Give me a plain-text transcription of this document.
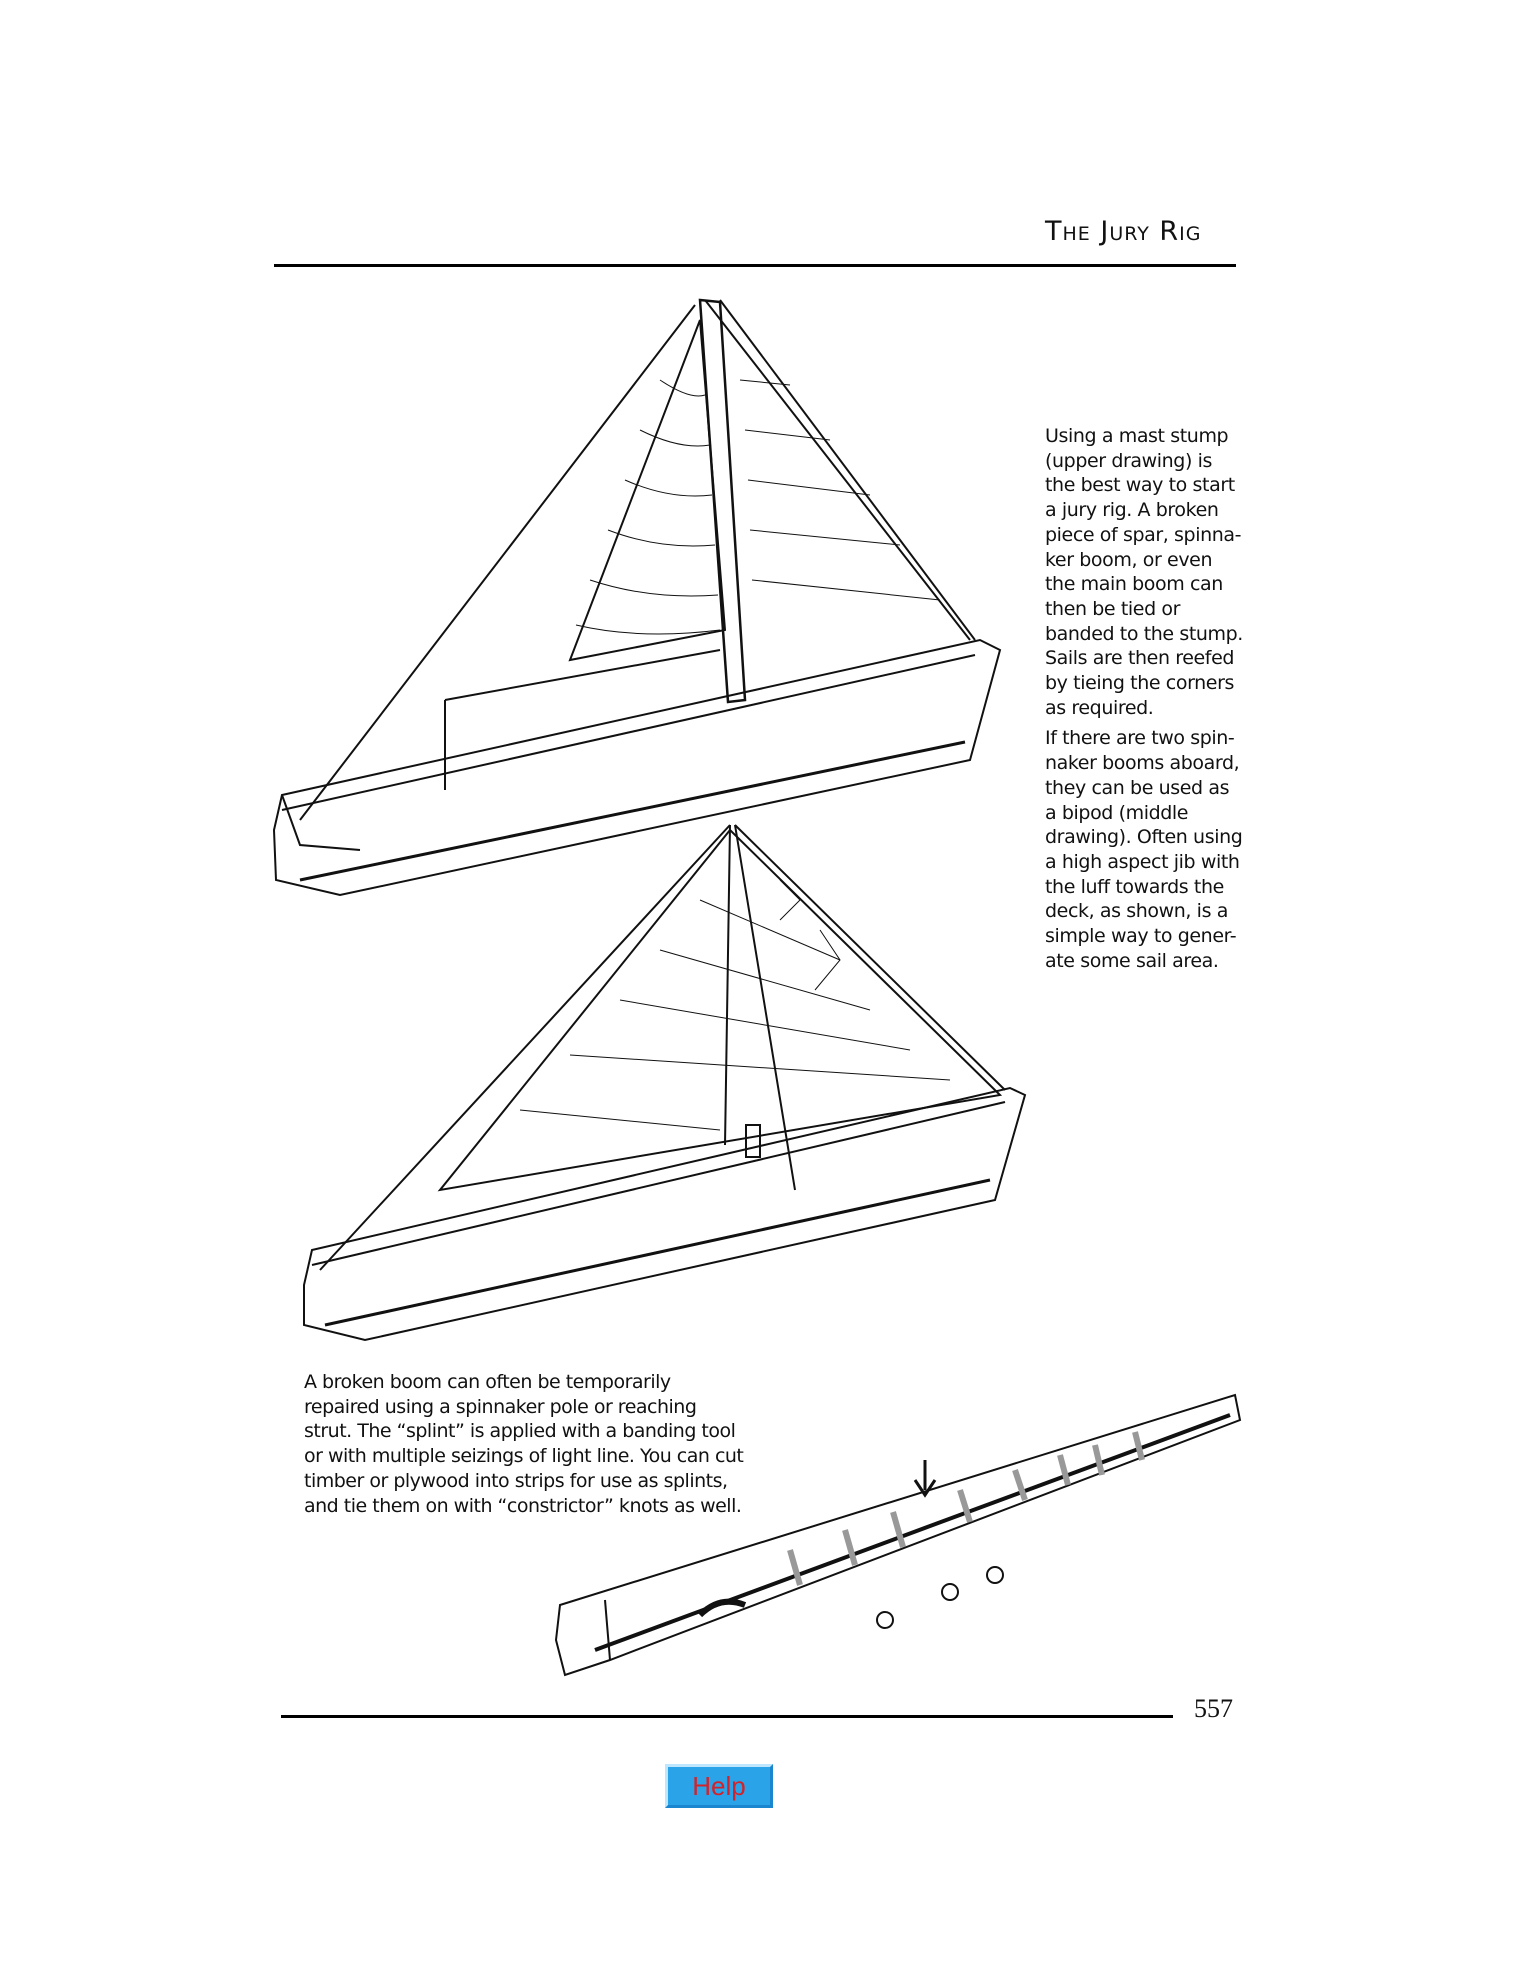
The Jury Rig

Using a mast stump (upper drawing) is the best way to start a jury rig. A broken piece of spar, spinna-ker boom, or even the main boom can then be tied or banded to the stump. Sails are then reefed by tieing the corners as required.

If there are two spin-naker booms aboard, they can be used as a bipod (middle drawing). Often using a high aspect jib with the luff towards the deck, as shown, is a simple way to gener-ate some sail area.

A broken boom can often be temporarily repaired using a spinnaker pole or reaching strut. The “splint” is applied with a banding tool or with multiple seizings of light line. You can cut timber or plywood into strips for use as splints, and tie them on with “constrictor” knots as well.
557
Help
